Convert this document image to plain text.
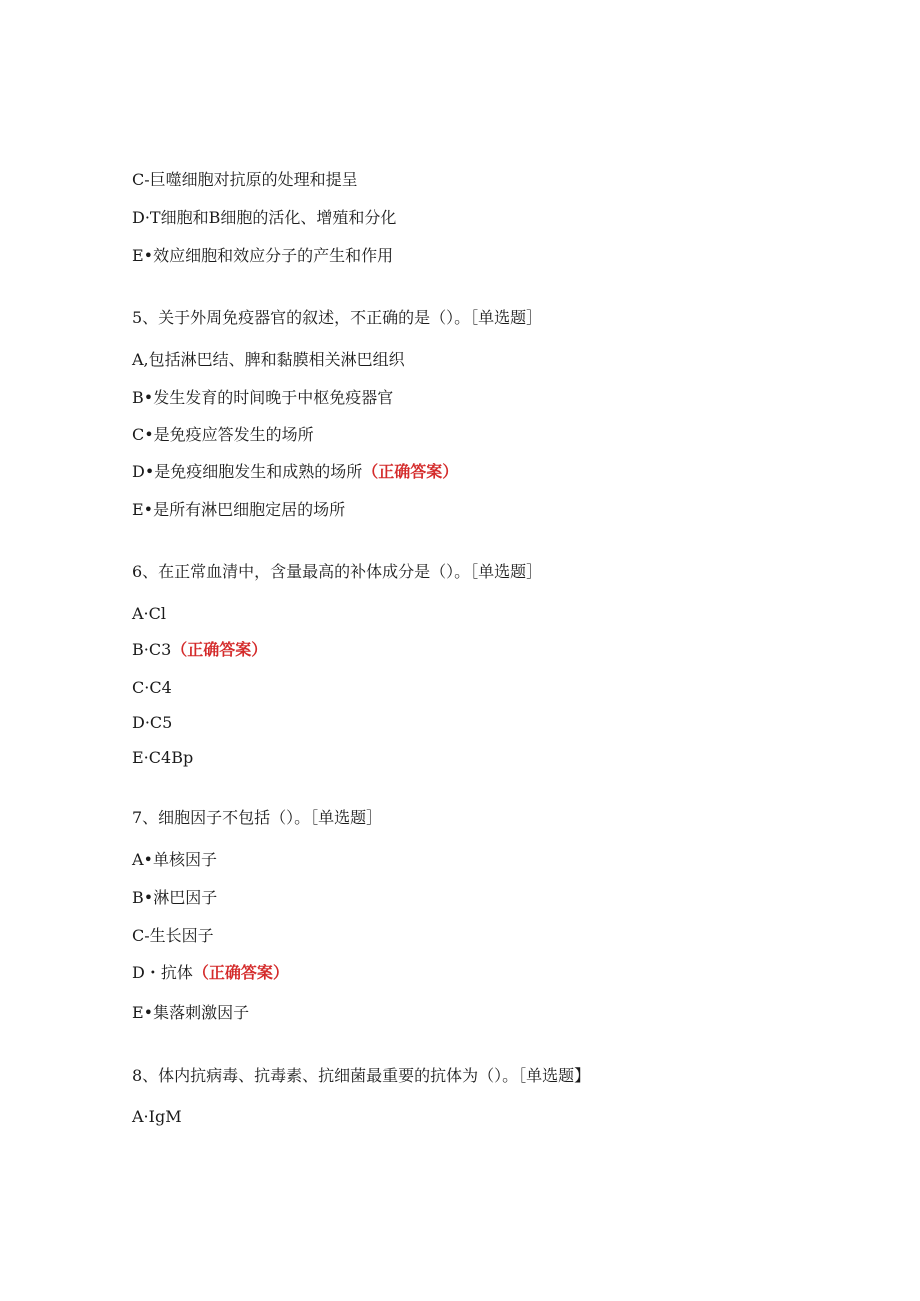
C-巨噬细胞对抗原的处理和提呈
D·T细胞和B细胞的活化、增殖和分化
E•效应细胞和效应分子的产生和作用
5、关于外周免疫器官的叙述，不正确的是（）。［单选题］
A,包括淋巴结、脾和黏膜相关淋巴组织
B•发生发育的时间晚于中枢免疫器官
C•是免疫应答发生的场所
D•是免疫细胞发生和成熟的场所（正确答案）
E•是所有淋巴细胞定居的场所
6、在正常血清中，含量最高的补体成分是（）。［单选题］
A·Cl
B·C3（正确答案）
C·C4
D·C5
E·C4Bp
7、细胞因子不包括（）。［单选题］
A•单核因子
B•淋巴因子
C-生长因子
D・抗体（正确答案）
E•集落刺激因子
8、体内抗病毒、抗毒素、抗细菌最重要的抗体为（）。［单选题】
A·IgM
